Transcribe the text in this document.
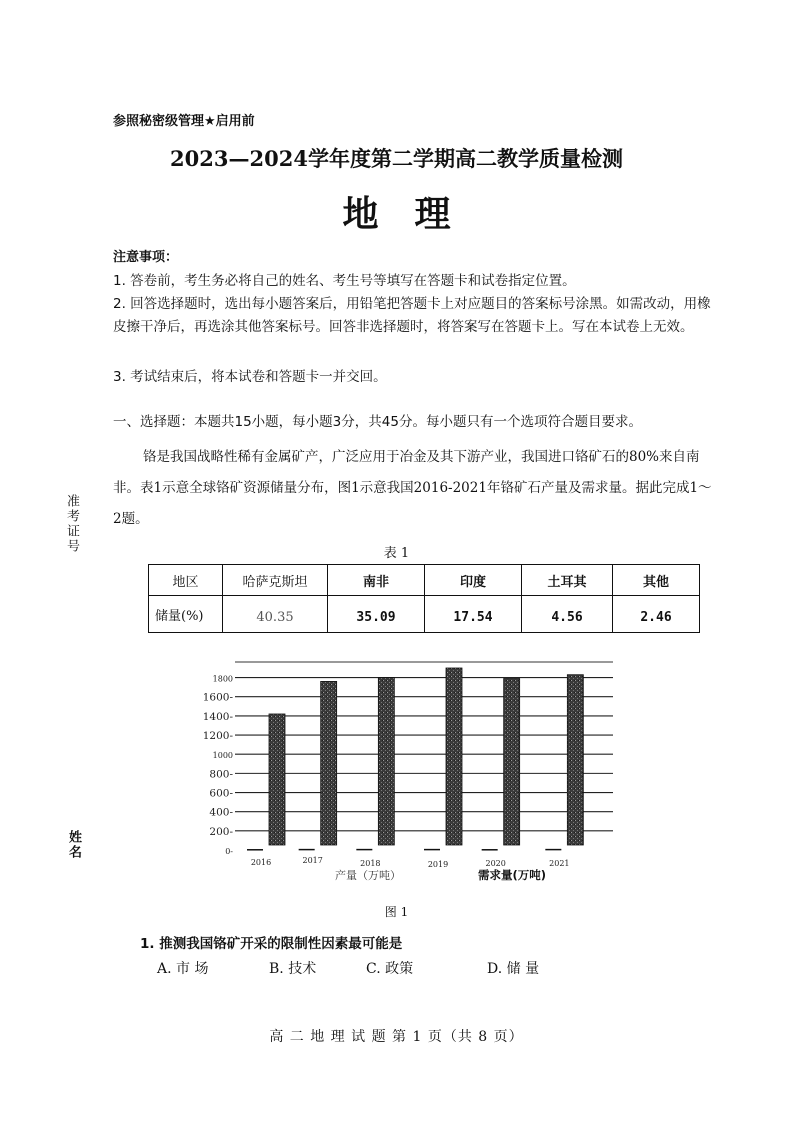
参照秘密级管理★启用前
2023—2024学年度第二学期高二教学质量检测
地理
注意事项：
1. 答卷前，考生务必将自己的姓名、考生号等填写在答题卡和试卷指定位置。
2. 回答选择题时，选出每小题答案后，用铅笔把答题卡上对应题目的答案标号涂黑。如需改动，用橡皮擦干净后，再选涂其他答案标号。回答非选择题时，将答案写在答题卡上。写在本试卷上无效。
3. 考试结束后，将本试卷和答题卡一并交回。
一、选择题：本题共15小题，每小题3分，共45分。每小题只有一个选项符合题目要求。
铬是我国战略性稀有金属矿产，广泛应用于冶金及其下游产业，我国进口铬矿石的80%来自南非。表1示意全球铬矿资源储量分布，图1示意我国2016-2021年铬矿石产量及需求量。据此完成1～2题。
表 1
地区	哈萨克斯坦	南非	印度	土耳其	其他
储量(%)	40.35	35.09	17.54	4.56	2.46
准考证号
姓名	0-
200-
400-
600-
800-
1000
1200-
1400-
1600-
1800
2016	2017	2018	2019	2020	2021
产量（万吨）	需求量(万吨)
图 1
1. 推测我国铬矿开采的限制性因素最可能是
A. 市 场	B. 技术	C. 政策	D. 储 量
高 二 地 理 试 题 第 1 页（共 8 页）
